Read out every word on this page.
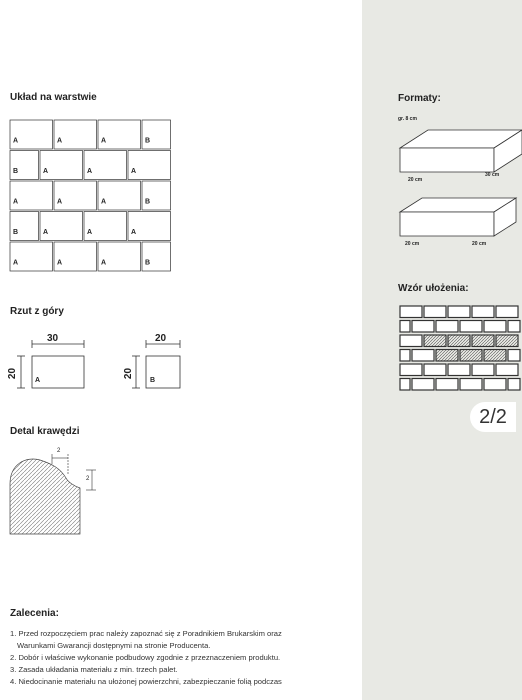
Układ na warstwie
A	A	A	B
B	A	A	A
A	A	A	B
B	A	A	A
A	A	A	B
Rzut z góry
30
20
A
20
20
B
Detal krawędzi
2
2
Zalecenia:

1. Przed rozpoczęciem prac należy zapoznać się z Poradnikiem Brukarskim oraz

Warunkami Gwarancji dostępnymi na stronie Producenta.

2. Dobór i właściwe wykonanie podbudowy zgodnie z przeznaczeniem produktu.

3. Zasada układania materiału z min. trzech palet.

4. Niedocinanie materiału na ułożonej powierzchni, zabezpieczanie folią podczas

Formaty:
gr. 8 cm
20 cm
30 cm
20 cm	20 cm
Wzór ułożenia:
2/2
